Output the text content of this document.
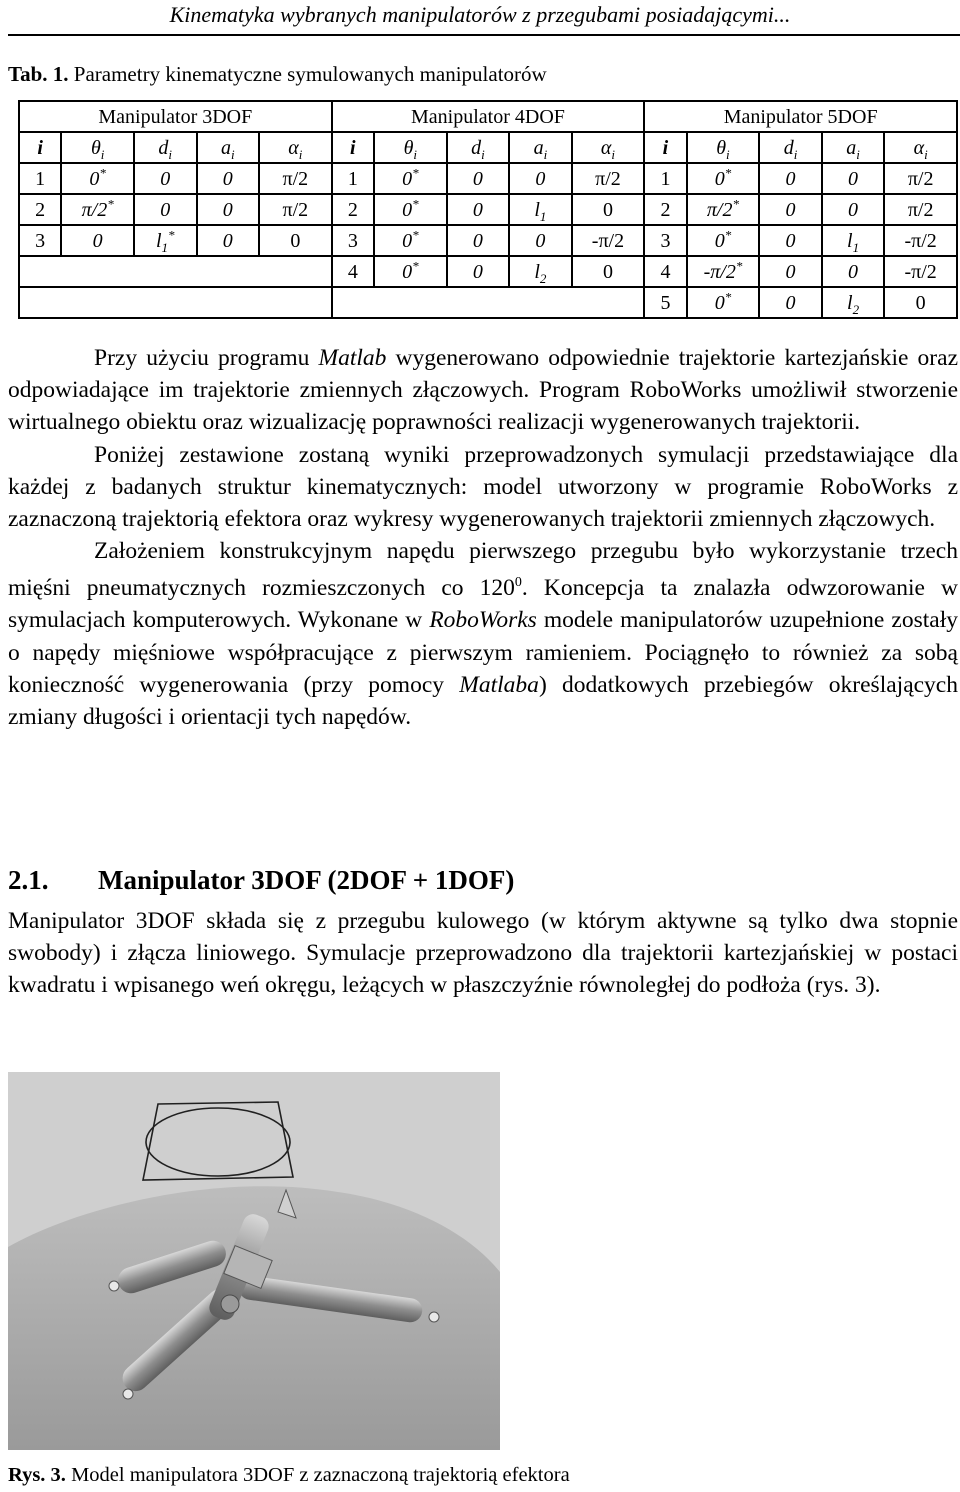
Kinematyka wybranych manipulatorów z przegubami posiadającymi...
Tab. 1. Parametry kinematyczne symulowanych manipulatorów
Manipulator 3DOF					Manipulator 4DOF					Manipulator 5DOF				
i	$\theta_i$	$d_i$	$a_i$	$\alpha_i$	i	$\theta_i$	$d_i$	$a_i$	$\alpha_i$	i	$\theta_i$	$d_i$	$a_i$	$\alpha_i$
1	0*	0	0	π/2	1	0*	0	0	π/2	1	0*	0	0	π/2
2	π/2*	0	0	π/2	2	0*	0	$l_1$	0	2	π/2*	0	0	π/2
3	0	$l_1^*$	0	0	3	0*	0	0	-π/2	3	0*	0	$l_1$	-π/2
					4	0*	0	$l_2$	0	4	-π/2*	0	0	-π/2
										5	0*	0	$l_2$	0

Przy użyciu programu Matlab wygenerowano odpowiednie trajektorie kartezjańskie oraz odpowiadające im trajektorie zmiennych złączowych. Program RoboWorks umożliwił stworzenie wirtualnego obiektu oraz wizualizację poprawności realizacji wygenerowanych trajektorii.

Poniżej zestawione zostaną wyniki przeprowadzonych symulacji przedstawiające dla każdej z badanych struktur kinematycznych: model utworzony w programie RoboWorks z zaznaczoną trajektorią efektora oraz wykresy wygenerowanych trajektorii zmiennych złączowych.

Założeniem konstrukcyjnym napędu pierwszego przegubu było wykorzystanie trzech mięśni pneumatycznych rozmieszczonych co $120^0$. Koncepcja ta znalazła odwzorowanie w symulacjach komputerowych. Wykonane w RoboWorks modele manipulatorów uzupełnione zostały o napędy mięśniowe współpracujące z pierwszym ramieniem. Pociągnęło to również za sobą konieczność wygenerowania (przy pomocy Matlaba) dodatkowych przebiegów określających zmiany długości i orientacji tych napędów.

2.1. Manipulator 3DOF (2DOF + 1DOF)

Manipulator 3DOF składa się z przegubu kulowego (w którym aktywne są tylko dwa stopnie swobody) i złącza liniowego. Symulacje przeprowadzono dla trajektorii kartezjańskiej w postaci kwadratu i wpisanego weń okręgu, leżących w płaszczyźnie równoległej do podłoża (rys. 3).

Rys. 3. Model manipulatora 3DOF z zaznaczoną trajektorią efektora
